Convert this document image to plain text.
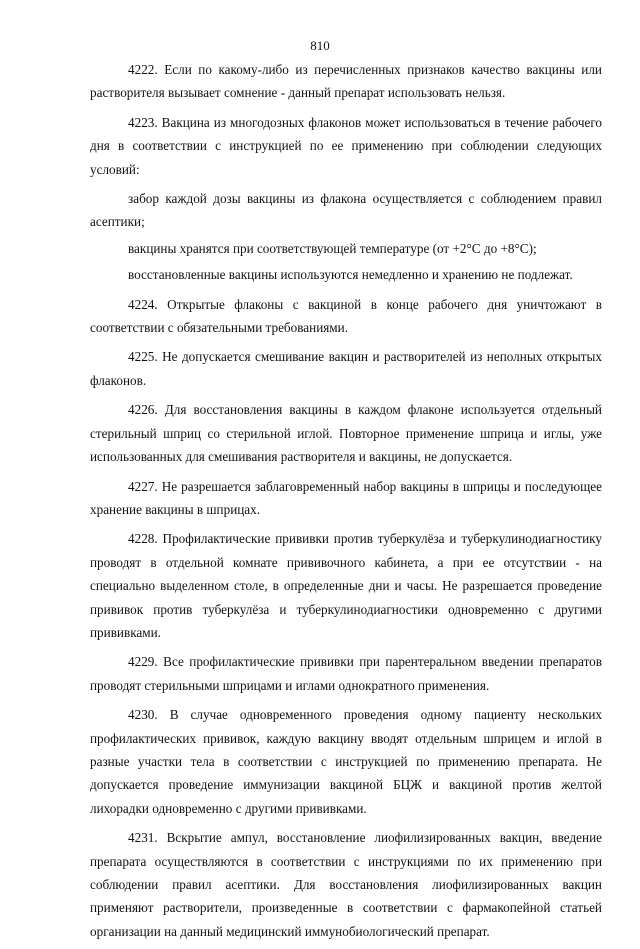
810

4222. Если по какому-либо из перечисленных признаков качество вакцины или растворителя вызывает сомнение - данный препарат использовать нельзя.

4223. Вакцина из многодозных флаконов может использоваться в течение рабочего дня в соответствии с инструкцией по ее применению при соблюдении следующих условий:

забор каждой дозы вакцины из флакона осуществляется с соблюдением правил асептики;

вакцины хранятся при соответствующей температуре (от +2°C до +8°C);

восстановленные вакцины используются немедленно и хранению не подлежат.

4224. Открытые флаконы с вакциной в конце рабочего дня уничтожают в соответствии с обязательными требованиями.

4225. Не допускается смешивание вакцин и растворителей из неполных открытых флаконов.

4226. Для восстановления вакцины в каждом флаконе используется отдельный стерильный шприц со стерильной иглой. Повторное применение шприца и иглы, уже использованных для смешивания растворителя и вакцины, не допускается.

4227. Не разрешается заблаговременный набор вакцины в шприцы и последующее хранение вакцины в шприцах.

4228. Профилактические прививки против туберкулёза и туберкулинодиагностику проводят в отдельной комнате прививочного кабинета, а при ее отсутствии - на специально выделенном столе, в определенные дни и часы. Не разрешается проведение прививок против туберкулёза и туберкулинодиагностики одновременно с другими прививками.

4229. Все профилактические прививки при парентеральном введении препаратов проводят стерильными шприцами и иглами однократного применения.

4230. В случае одновременного проведения одному пациенту нескольких профилактических прививок, каждую вакцину вводят отдельным шприцем и иглой в разные участки тела в соответствии с инструкцией по применению препарата. Не допускается проведение иммунизации вакциной БЦЖ и вакциной против желтой лихорадки одновременно с другими прививками.

4231. Вскрытие ампул, восстановление лиофилизированных вакцин, введение препарата осуществляются в соответствии с инструкциями по их применению при соблюдении правил асептики. Для восстановления лиофилизированных вакцин применяют растворители, произведенные в соответствии с фармакопейной статьей организации на данный медицинский иммунобиологический препарат.
